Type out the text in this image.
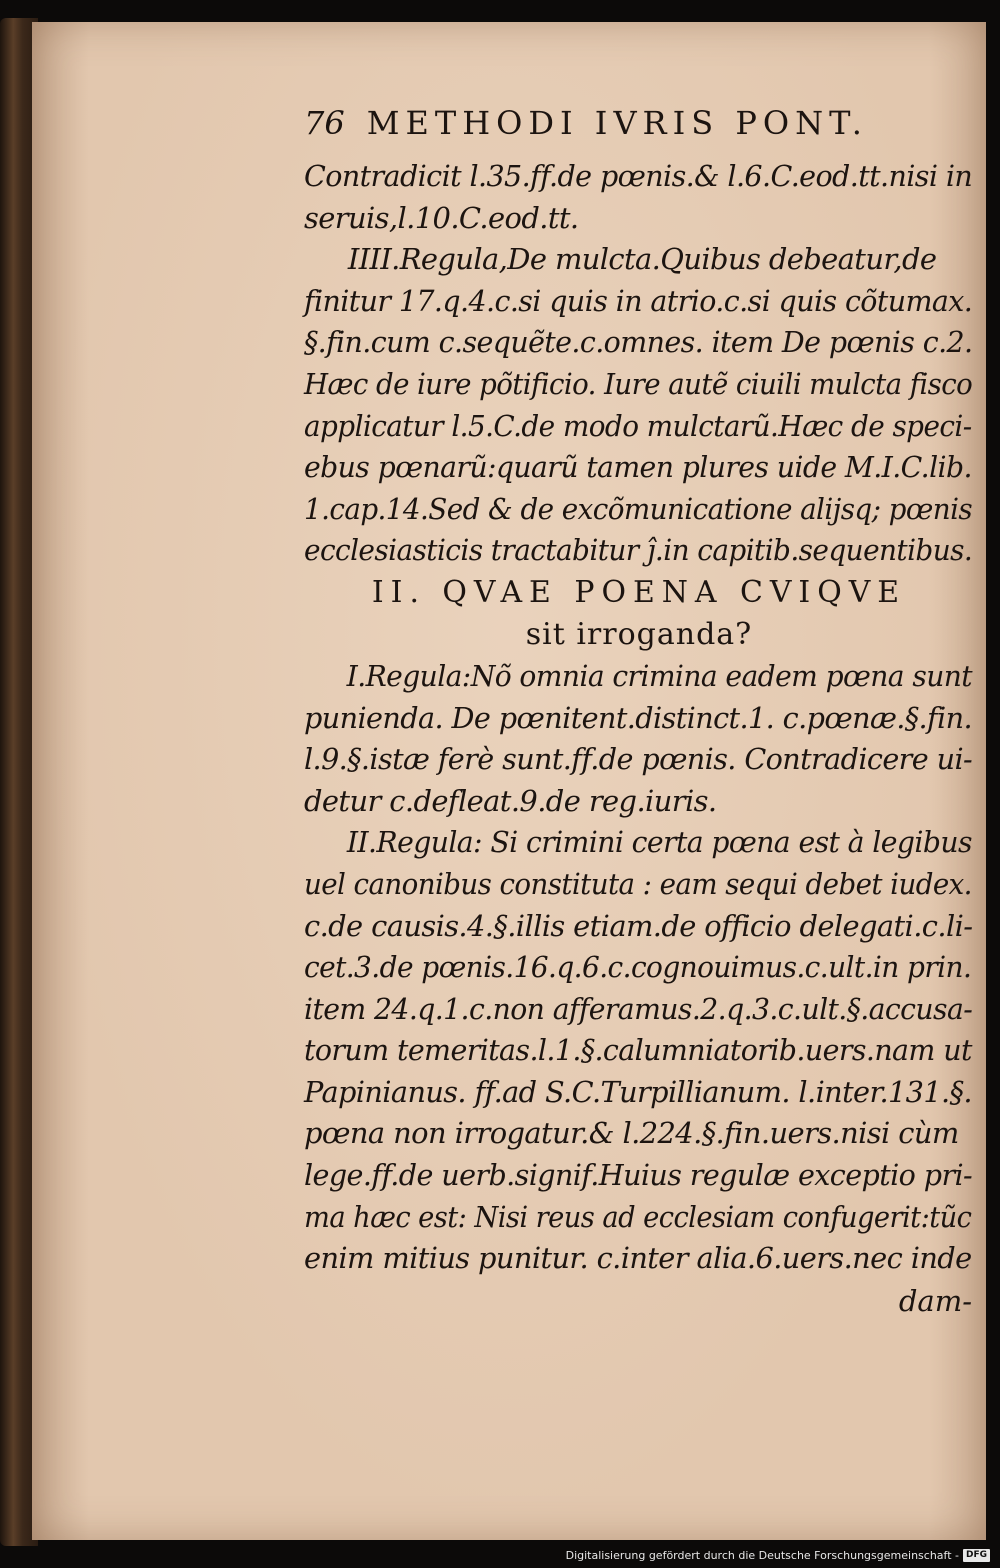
76 METHODI IVRIS PONT.
Contradicit l.35.ff.de pœnis.& l.6.C.eod.tt.nisi in
seruis,l.10.C.eod.tt.
IIII.Regula,De mulcta.Quibus debeatur,de
finitur 17.q.4.c.si quis in atrio.c.si quis cõtumax.
§.fin.cum c.sequẽte.c.omnes. item De pœnis c.2.
Hæc de iure põtificio. Iure autẽ ciuili mulcta fisco
applicatur l.5.C.de modo mulctarũ.Hæc de speci-
ebus pœnarũ:quarũ tamen plures uide M.I.C.lib.
1.cap.14.Sed & de excõmunicatione alijsq; pœnis
ecclesiasticis tractabitur ĵ.in capitib.sequentibus.
II. QVAE POENA CVIQVE
sit irroganda?
I.Regula:Nõ omnia crimina eadem pœna sunt
punienda. De pœnitent.distinct.1. c.pœnæ.§.fin.
l.9.§.istæ ferè sunt.ff.de pœnis. Contradicere ui-
detur c.defleat.9.de reg.iuris.
II.Regula: Si crimini certa pœna est à legibus
uel canonibus constituta : eam sequi debet iudex.
c.de causis.4.§.illis etiam.de officio delegati.c.li-
cet.3.de pœnis.16.q.6.c.cognouimus.c.ult.in prin.
item 24.q.1.c.non afferamus.2.q.3.c.ult.§.accusa-
torum temeritas.l.1.§.calumniatorib.uers.nam ut
Papinianus. ff.ad S.C.Turpillianum. l.inter.131.§.
pœna non irrogatur.& l.224.§.fin.uers.nisi cùm
lege.ff.de uerb.signif.Huius regulæ exceptio pri-
ma hæc est: Nisi reus ad ecclesiam confugerit:tũc
enim mitius punitur. c.inter alia.6.uers.nec inde
dam-
Digitalisierung gefördert durch die Deutsche Forschungsgemeinschaft - DFG
